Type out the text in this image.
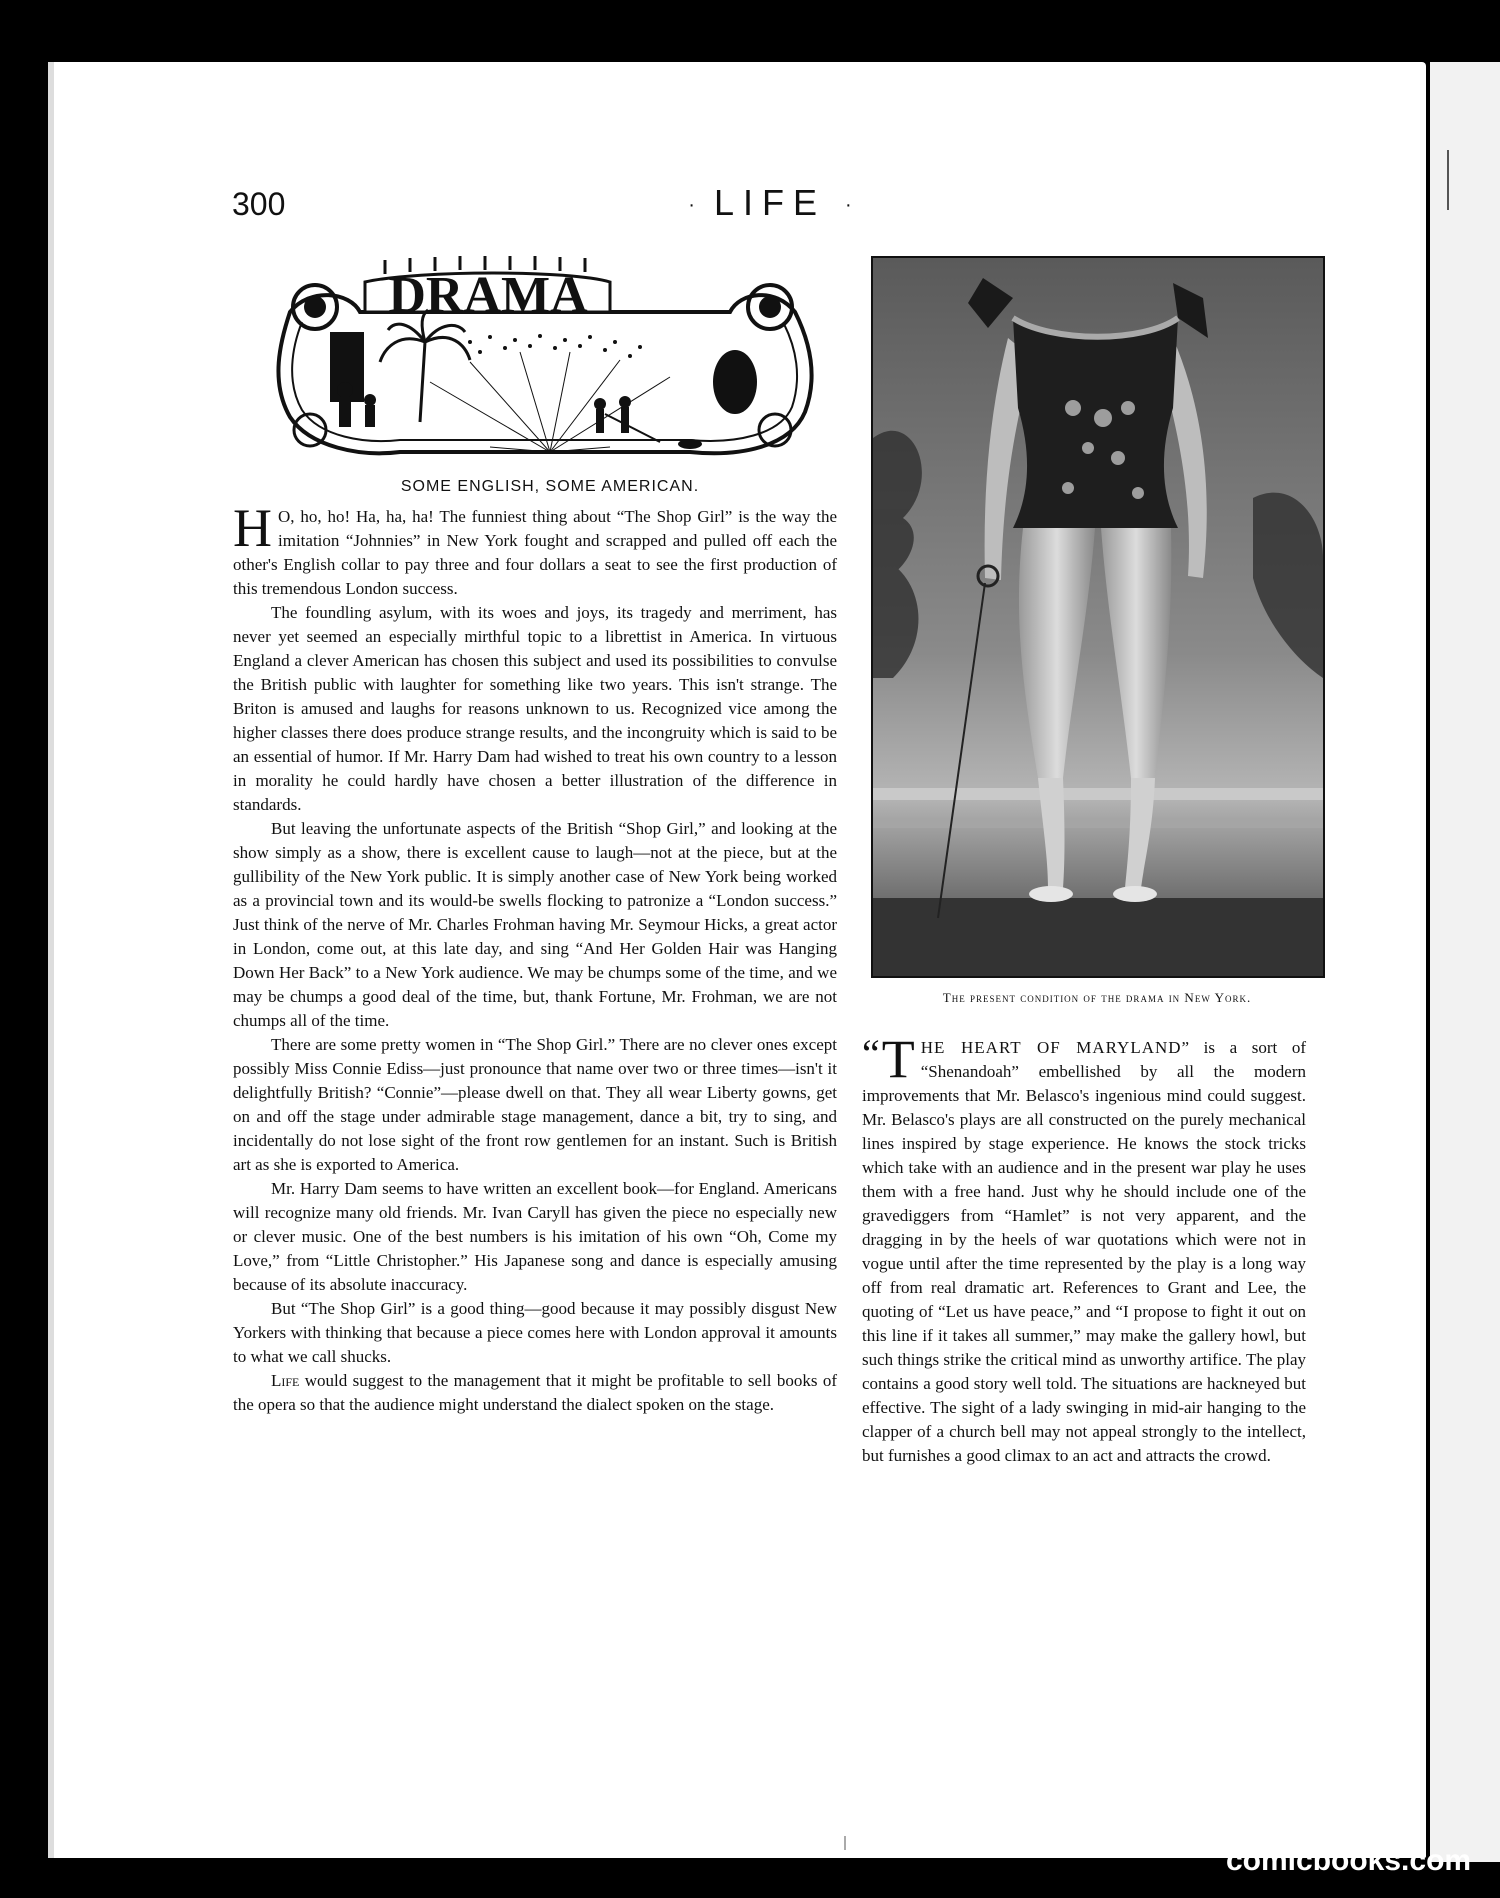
300	· LIFE ·
DRAMA
SOME ENGLISH, SOME AMERICAN.

H O, ho, ho! Ha, ha, ha! The funniest thing about “The Shop Girl” is the way the imitation “Johnnies” in New York fought and scrapped and pulled off each the other's English collar to pay three and four dollars a seat to see the first production of this tremendous London success.

The foundling asylum, with its woes and joys, its tragedy and merriment, has never yet seemed an especially mirthful topic to a librettist in America. In virtuous England a clever American has chosen this subject and used its possibilities to convulse the British public with laughter for something like two years. This isn't strange. The Briton is amused and laughs for reasons unknown to us. Recognized vice among the higher classes there does produce strange results, and the incongruity which is said to be an essential of humor. If Mr. Harry Dam had wished to treat his own country to a lesson in morality he could hardly have chosen a better illustration of the difference in standards.

But leaving the unfortunate aspects of the British “Shop Girl,” and looking at the show simply as a show, there is excellent cause to laugh—not at the piece, but at the gullibility of the New York public. It is simply another case of New York being worked as a provincial town and its would-be swells flocking to patronize a “London success.” Just think of the nerve of Mr. Charles Frohman having Mr. Seymour Hicks, a great actor in London, come out, at this late day, and sing “And Her Golden Hair was Hanging Down Her Back” to a New York audience. We may be chumps some of the time, and we may be chumps a good deal of the time, but, thank Fortune, Mr. Frohman, we are not chumps all of the time.

There are some pretty women in “The Shop Girl.” There are no clever ones except possibly Miss Connie Ediss—just pronounce that name over two or three times—isn't it delightfully British? “Connie”—please dwell on that. They all wear Liberty gowns, get on and off the stage under admirable stage management, dance a bit, try to sing, and incidentally do not lose sight of the front row gentlemen for an instant. Such is British art as she is exported to America.

Mr. Harry Dam seems to have written an excellent book—for England. Americans will recognize many old friends. Mr. Ivan Caryll has given the piece no especially new or clever music. One of the best numbers is his imitation of his own “Oh, Come my Love,” from “Little Christopher.” His Japanese song and dance is especially amusing because of its absolute inaccuracy.

But “The Shop Girl” is a good thing—good because it may possibly disgust New Yorkers with thinking that because a piece comes here with London approval it amounts to what we call shucks.

Life would suggest to the management that it might be profitable to sell books of the opera so that the audience might understand the dialect spoken on the stage.

The present condition of the drama in New York.

“ T HE HEART OF MARYLAND” is a sort of “Shenandoah” embellished by all the modern improvements that Mr. Belasco's ingenious mind could suggest. Mr. Belasco's plays are all constructed on the purely mechanical lines inspired by stage experience. He knows the stock tricks which take with an audience and in the present war play he uses them with a free hand. Just why he should include one of the gravediggers from “Hamlet” is not very apparent, and the dragging in by the heels of war quotations which were not in vogue until after the time represented by the play is a long way off from real dramatic art. References to Grant and Lee, the quoting of “Let us have peace,” and “I propose to fight it out on this line if it takes all summer,” may make the gallery howl, but such things strike the critical mind as unworthy artifice. The play contains a good story well told. The situations are hackneyed but effective. The sight of a lady swinging in mid-air hanging to the clapper of a church bell may not appeal strongly to the intellect, but furnishes a good climax to an act and attracts the crowd.

comicbooks.com
